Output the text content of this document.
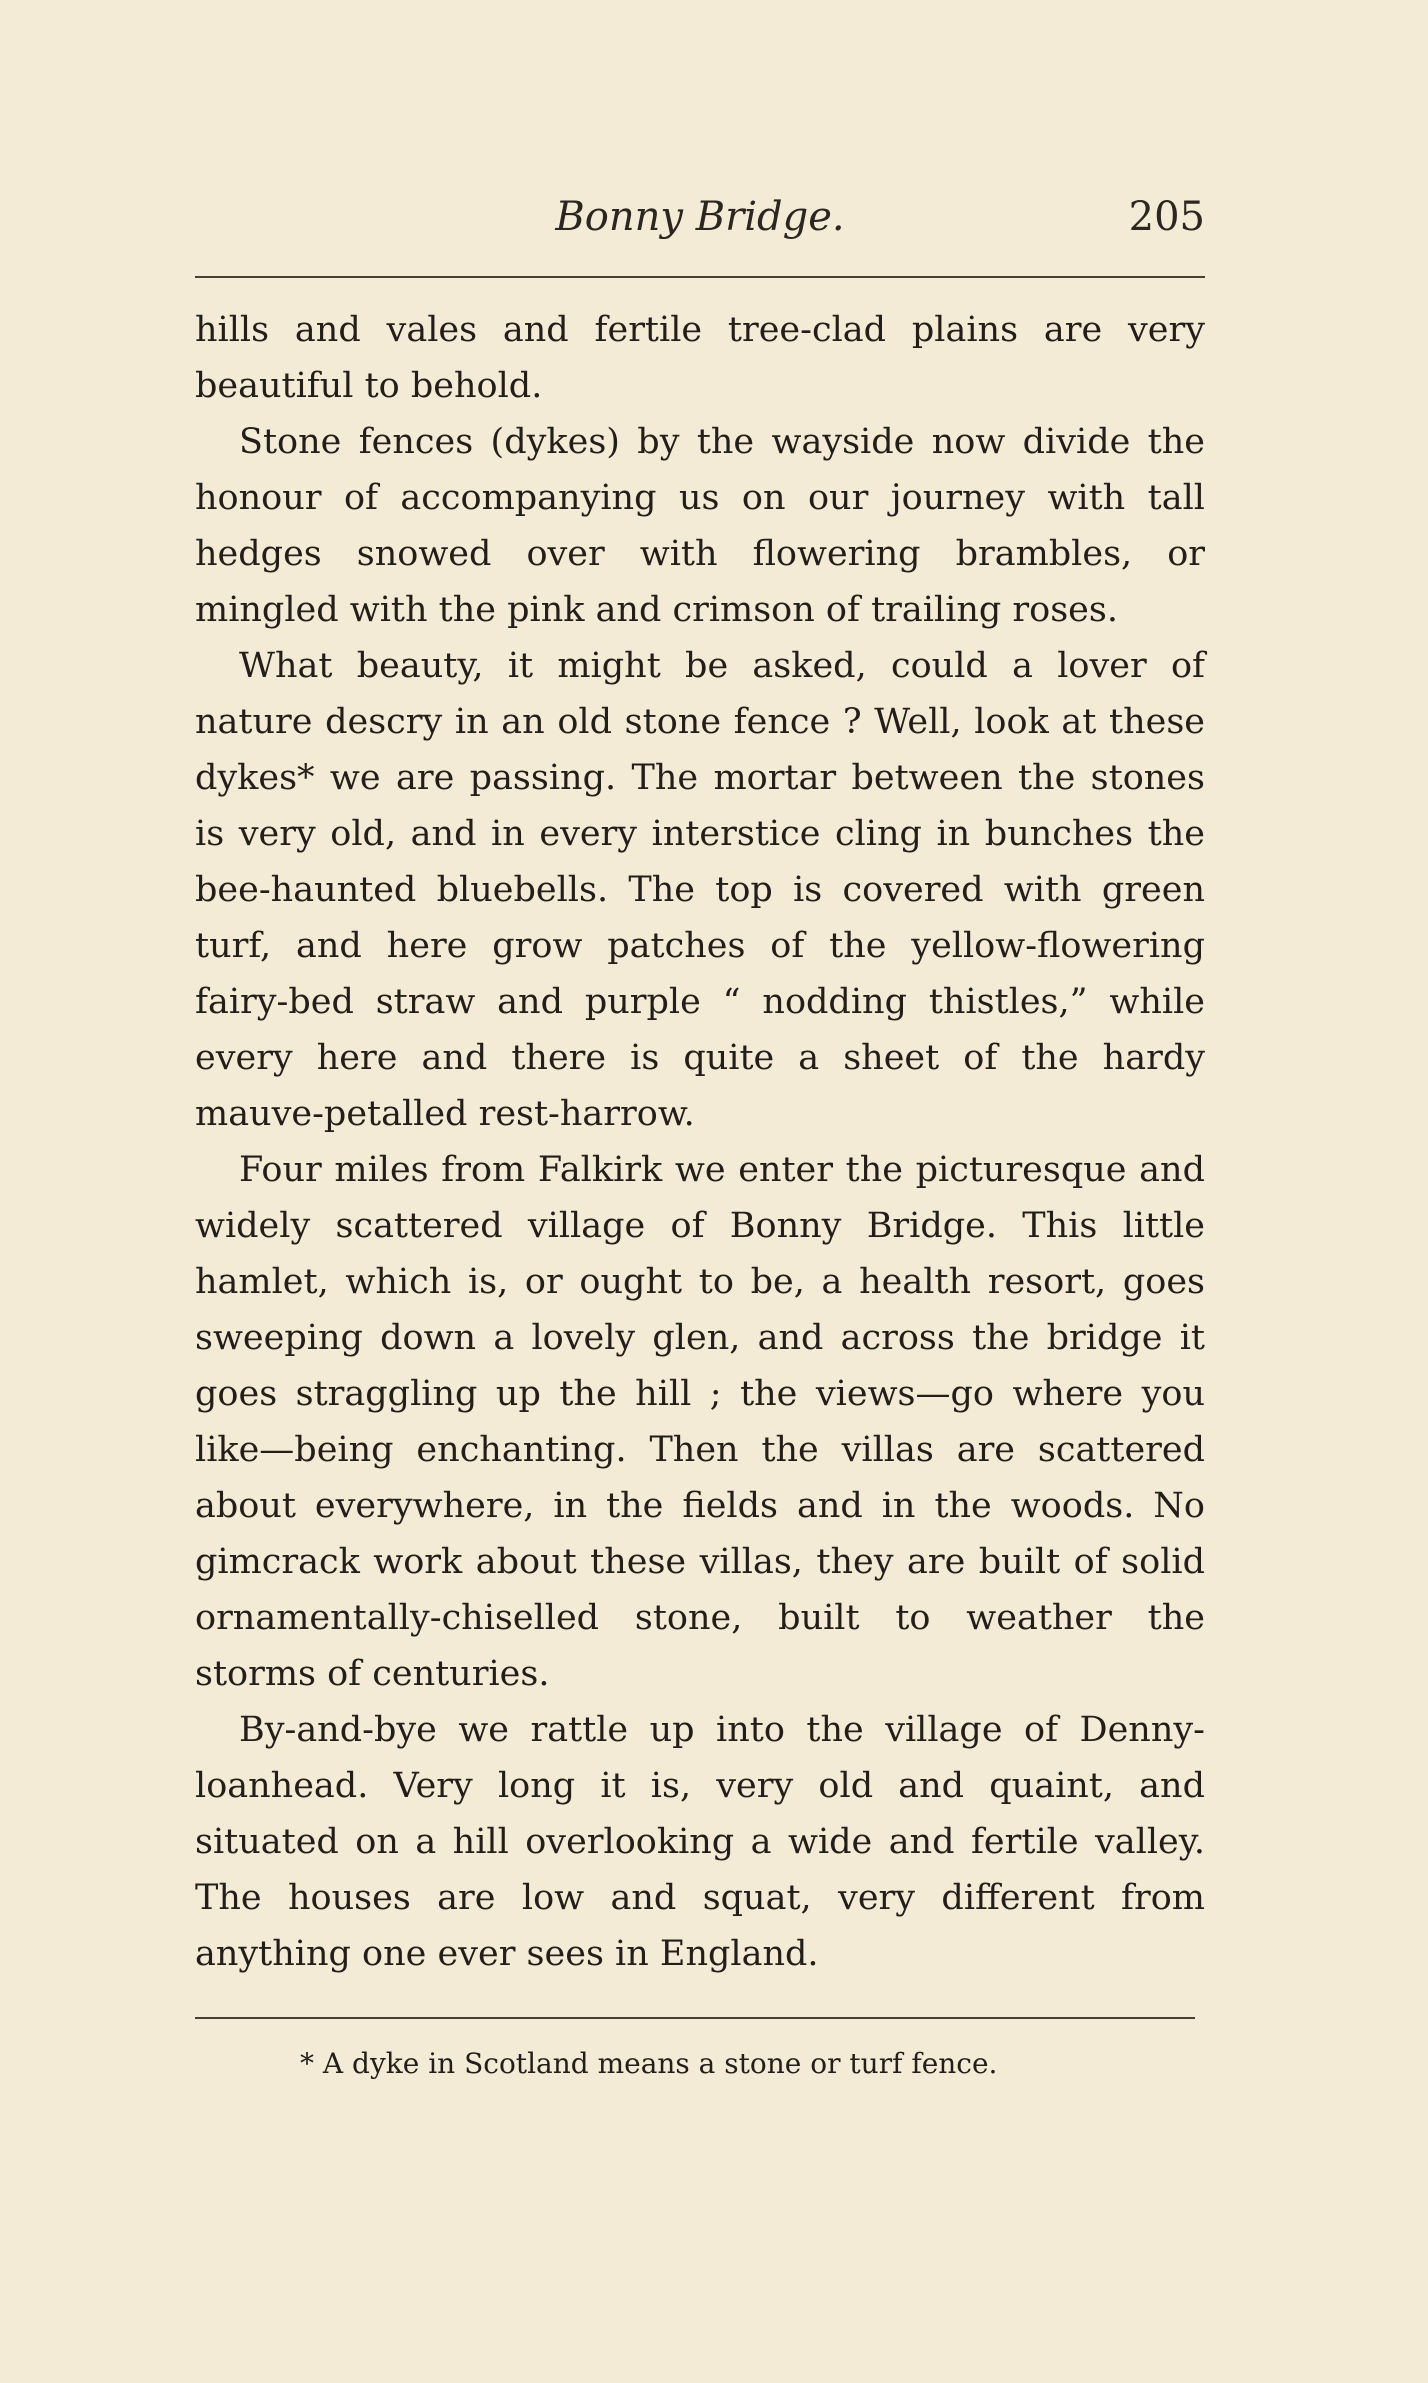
Bonny Bridge.	205

hills and vales and fertile tree-clad plains are very beautiful to behold.

Stone fences (dykes) by the wayside now divide the honour of accompanying us on our journey with tall hedges snowed over with flowering brambles, or mingled with the pink and crimson of trailing roses.

What beauty, it might be asked, could a lover of nature descry in an old stone fence ? Well, look at these dykes* we are passing. The mortar between the stones is very old, and in every interstice cling in bunches the bee-haunted bluebells. The top is covered with green turf, and here grow patches of the yellow-flowering fairy-bed straw and purple “ nodding thistles,” while every here and there is quite a sheet of the hardy mauve-petalled rest-harrow.

Four miles from Falkirk we enter the picturesque and widely scattered village of Bonny Bridge. This little hamlet, which is, or ought to be, a health resort, goes sweeping down a lovely glen, and across the bridge it goes straggling up the hill ; the views—go where you like—being enchanting. Then the villas are scattered about everywhere, in the fields and in the woods. No gimcrack work about these villas, they are built of solid ornamentally-chiselled stone, built to weather the storms of centuries.

By-and-bye we rattle up into the village of Denny-loanhead. Very long it is, very old and quaint, and situated on a hill overlooking a wide and fertile valley. The houses are low and squat, very different from anything one ever sees in England.

* A dyke in Scotland means a stone or turf fence.
